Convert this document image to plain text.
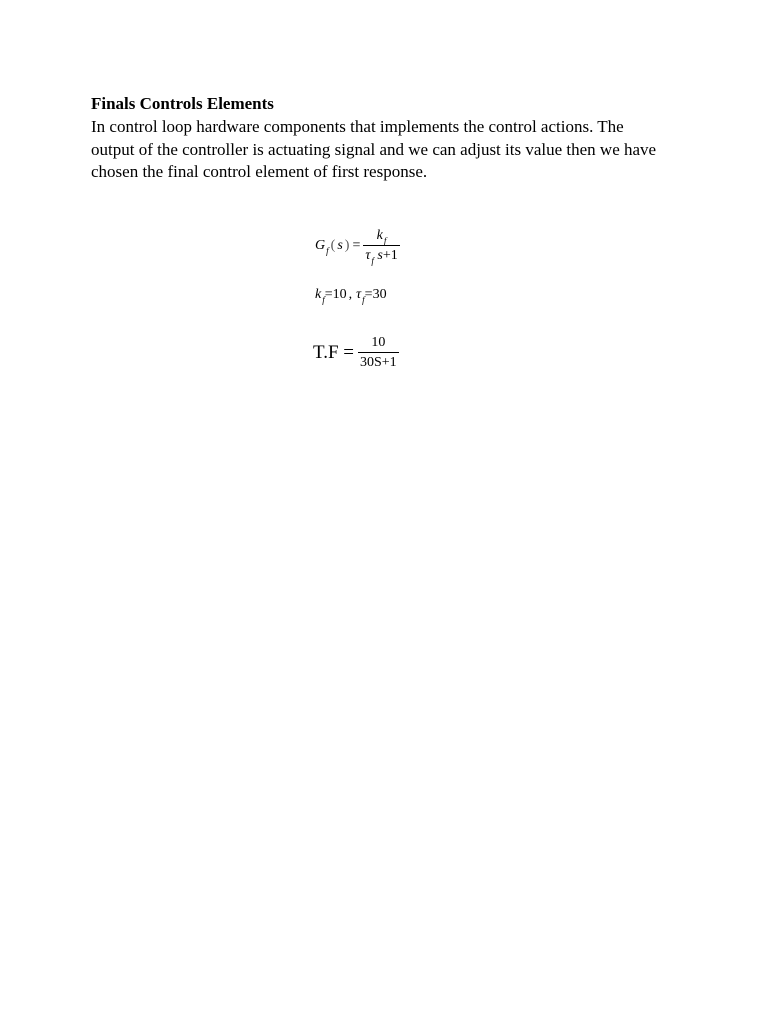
Finals Controls Elements
In control loop hardware components that implements the control actions. The
output of the controller is actuating signal and we can adjust its value then we have
chosen the final control element of first response.
G f ( s ) = $\frac{k_f}{\tau_f s+1}$
k f =10 , τ f =30
$T.F = \frac{10}{30S+1}$
